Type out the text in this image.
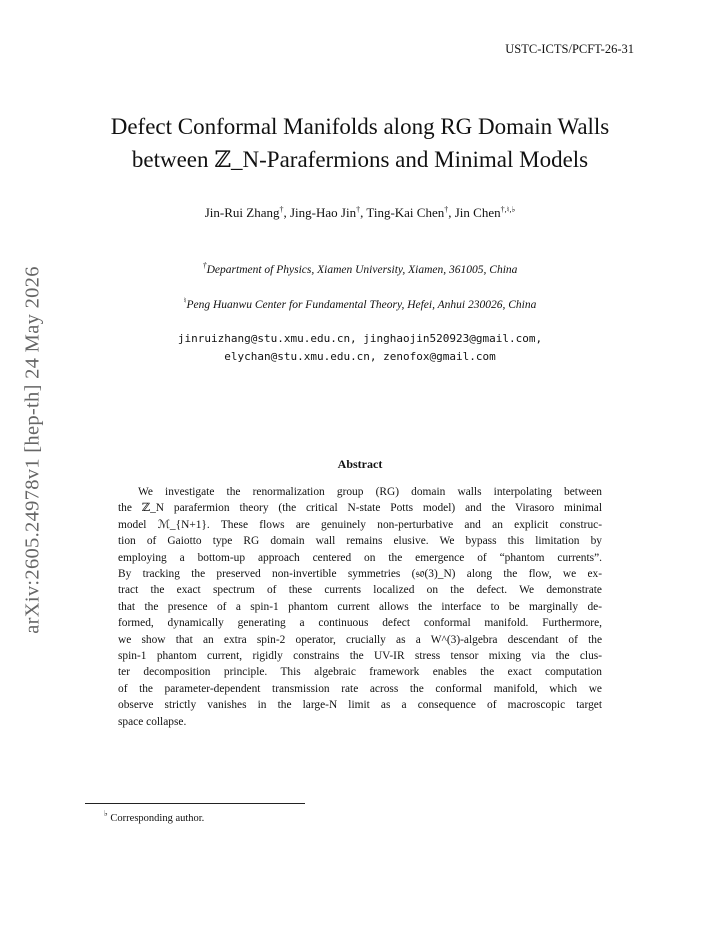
USTC-ICTS/PCFT-26-31
arXiv:2605.24978v1 [hep-th] 24 May 2026
Defect Conformal Manifolds along RG Domain Walls
between ℤ_N-Parafermions and Minimal Models
Jin-Rui Zhang†, Jing-Hao Jin†, Ting-Kai Chen†, Jin Chen†,♮,♭
†Department of Physics, Xiamen University, Xiamen, 361005, China
♮Peng Huanwu Center for Fundamental Theory, Hefei, Anhui 230026, China
jinruizhang@stu.xmu.edu.cn, jinghaojin520923@gmail.com,
elychan@stu.xmu.edu.cn, zenofox@gmail.com
Abstract
We investigate the renormalization group (RG) domain walls interpolating between
the ℤ_N parafermion theory (the critical N-state Potts model) and the Virasoro minimal
model ℳ_{N+1}. These flows are genuinely non-perturbative and an explicit construc-
tion of Gaiotto type RG domain wall remains elusive. We bypass this limitation by
employing a bottom-up approach centered on the emergence of “phantom currents”.
By tracking the preserved non-invertible symmetries (𝔰𝔬(3)_N) along the flow, we ex-
tract the exact spectrum of these currents localized on the defect. We demonstrate
that the presence of a spin-1 phantom current allows the interface to be marginally de-
formed, dynamically generating a continuous defect conformal manifold. Furthermore,
we show that an extra spin-2 operator, crucially as a W^(3)-algebra descendant of the
spin-1 phantom current, rigidly constrains the UV-IR stress tensor mixing via the clus-
ter decomposition principle. This algebraic framework enables the exact computation
of the parameter-dependent transmission rate across the conformal manifold, which we
observe strictly vanishes in the large-N limit as a consequence of macroscopic target
space collapse.
♭ Corresponding author.
